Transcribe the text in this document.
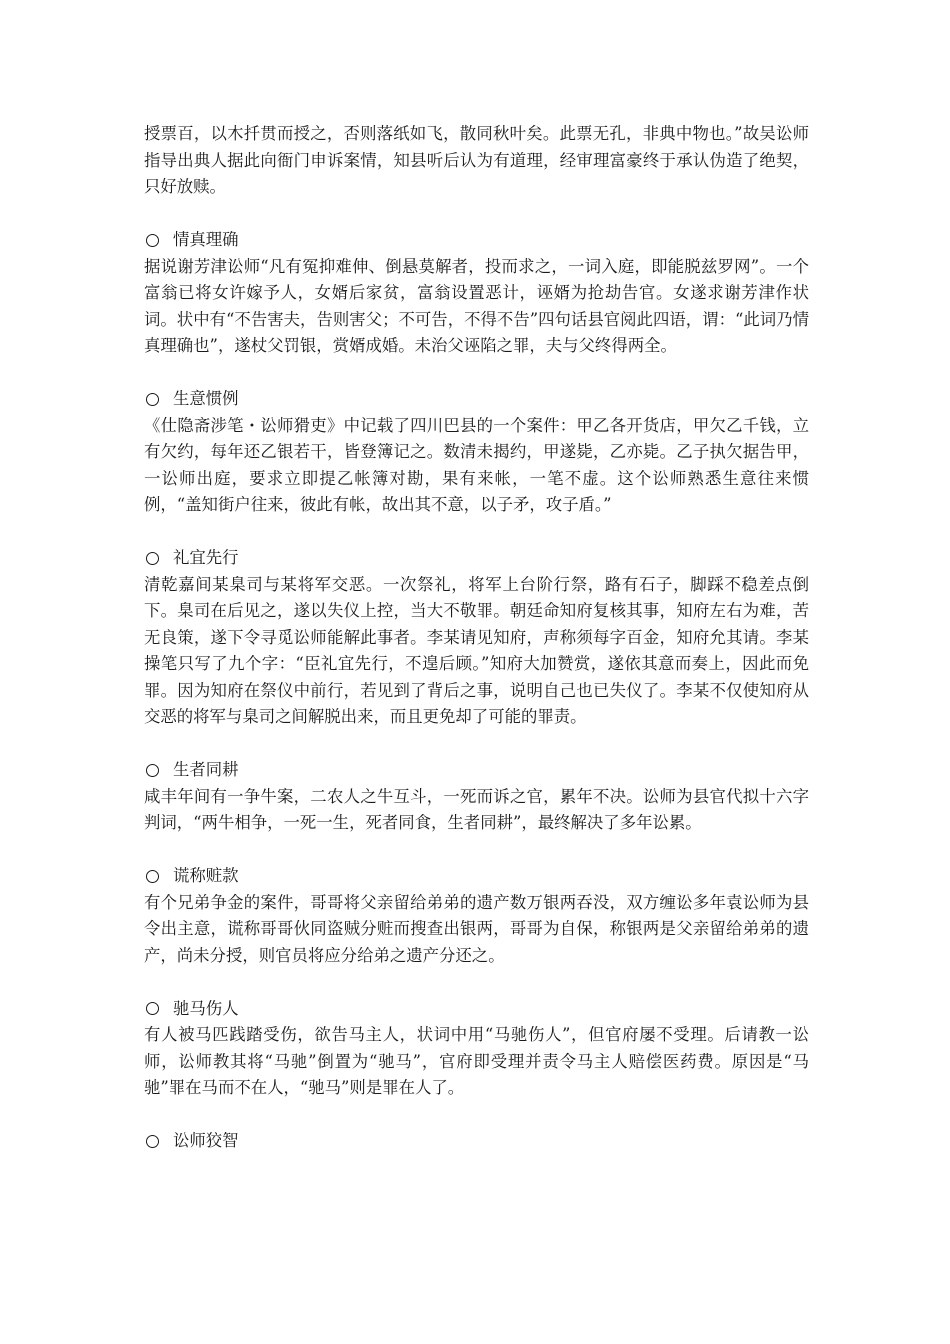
授票百，以木扦贯而授之，否则落纸如飞，散同秋叶矣。此票无孔，非典中物也。”故吴讼师指导出典人据此向衙门申诉案情，知县听后认为有道理，经审理富豪终于承认伪造了绝契，只好放赎。

情真理确

据说谢芳津讼师“凡有冤抑难伸、倒悬莫解者，投而求之，一词入庭，即能脱兹罗网”。一个富翁已将女许嫁予人，女婿后家贫，富翁设置恶计，诬婿为抢劫告官。女遂求谢芳津作状词。状中有“不告害夫，告则害父；不可告，不得不告”四句话县官阅此四语，谓：“此词乃情真理确也”，遂杖父罚银，赏婿成婚。未治父诬陷之罪，夫与父终得两全。

生意惯例

《仕隐斋涉笔・讼师猾吏》中记载了四川巴县的一个案件：甲乙各开货店，甲欠乙千钱，立有欠约，每年还乙银若干，皆登簿记之。数清未揭约，甲遂毙，乙亦毙。乙子执欠据告甲，一讼师出庭，要求立即提乙帐簿对勘，果有来帐，一笔不虚。这个讼师熟悉生意往来惯例，“盖知街户往来，彼此有帐，故出其不意，以子矛，攻子盾。”

礼宜先行

清乾嘉间某臬司与某将军交恶。一次祭礼，将军上台阶行祭，路有石子，脚踩不稳差点倒下。臬司在后见之，遂以失仪上控，当大不敬罪。朝廷命知府复核其事，知府左右为难，苦无良策，遂下令寻觅讼师能解此事者。李某请见知府，声称须每字百金，知府允其请。李某操笔只写了九个字：“臣礼宜先行，不遑后顾。”知府大加赞赏，遂依其意而奏上，因此而免罪。因为知府在祭仪中前行，若见到了背后之事，说明自己也已失仪了。李某不仅使知府从交恶的将军与臬司之间解脱出来，而且更免却了可能的罪责。

生者同耕

咸丰年间有一争牛案，二农人之牛互斗，一死而诉之官，累年不决。讼师为县官代拟十六字判词，“两牛相争，一死一生，死者同食，生者同耕”，最终解决了多年讼累。

谎称赃款

有个兄弟争金的案件，哥哥将父亲留给弟弟的遗产数万银两吞没，双方缠讼多年袁讼师为县令出主意，谎称哥哥伙同盗贼分赃而搜查出银两，哥哥为自保，称银两是父亲留给弟弟的遗产，尚未分授，则官员将应分给弟之遗产分还之。

驰马伤人

有人被马匹践踏受伤，欲告马主人，状词中用“马驰伤人”，但官府屡不受理。后请教一讼师，讼师教其将“马驰”倒置为“驰马”，官府即受理并责令马主人赔偿医药费。原因是“马驰”罪在马而不在人，“驰马”则是罪在人了。

讼师狡智
